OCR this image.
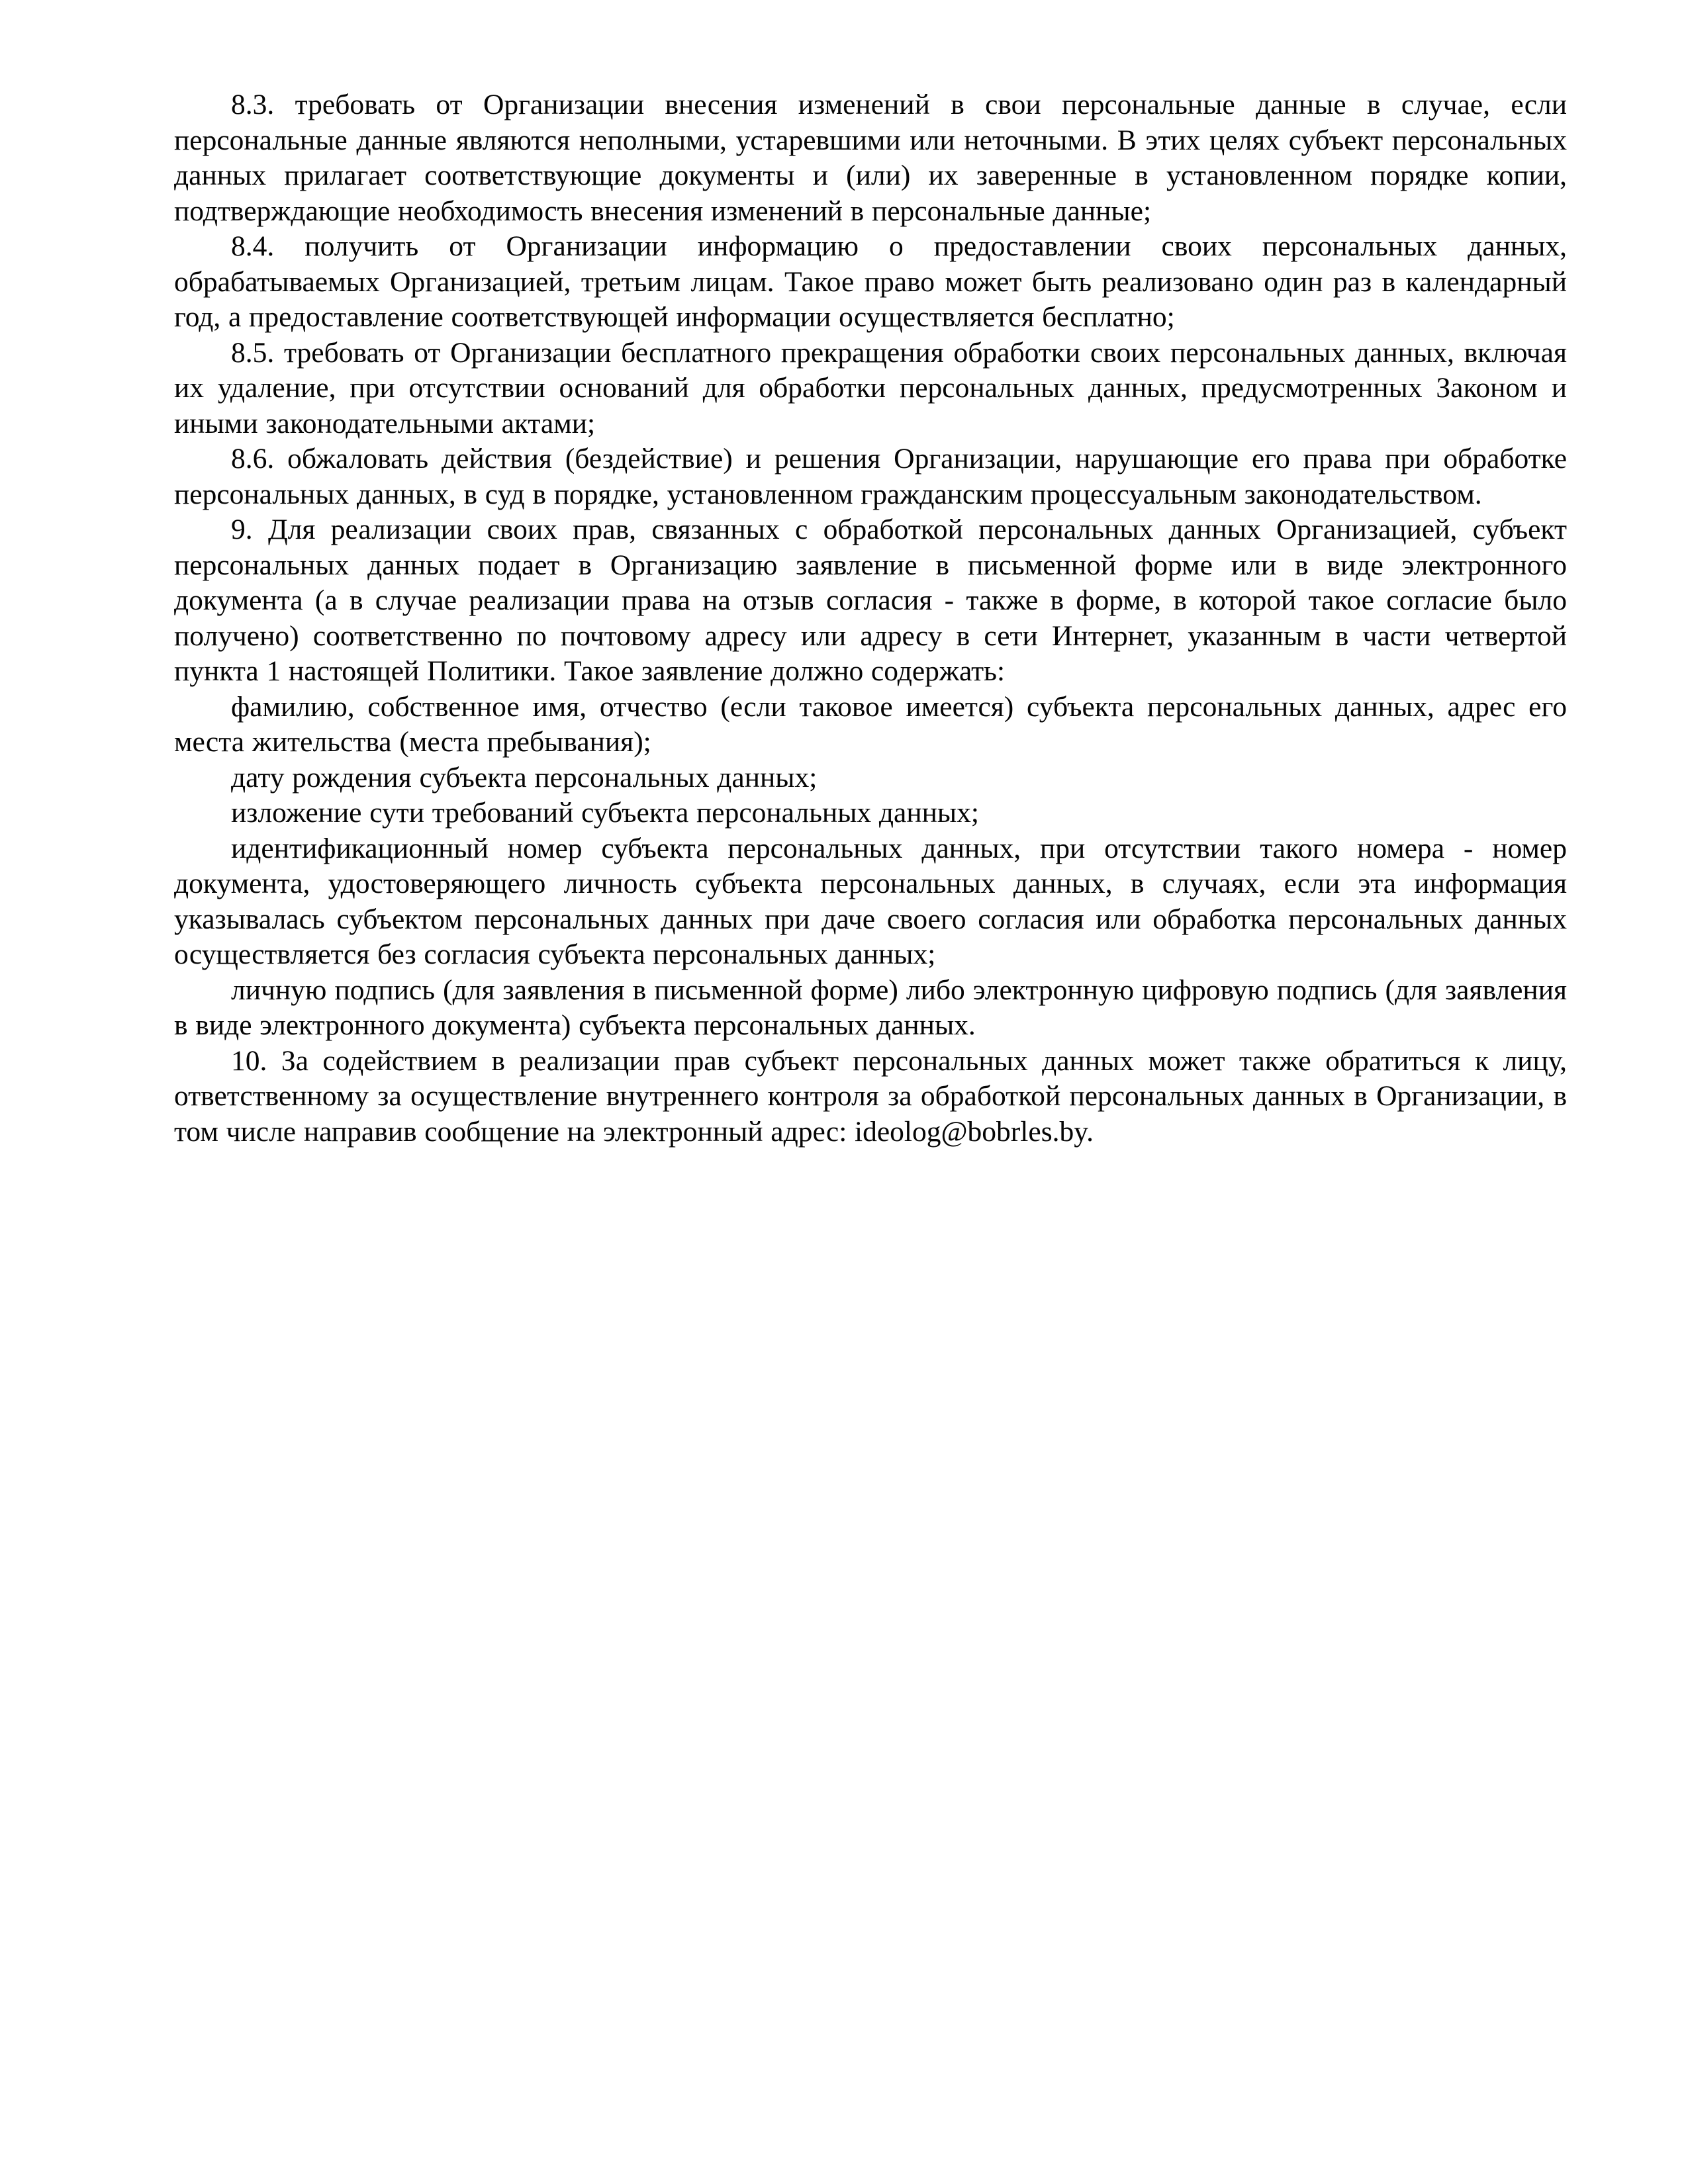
8.3. требовать от Организации внесения изменений в свои персональные данные в случае, если персональные данные являются неполными, устаревшими или неточными. В этих целях субъект персональных данных прилагает соответствующие документы и (или) их заверенные в установленном порядке копии, подтверждающие необходимость внесения изменений в персональные данные;

8.4. получить от Организации информацию о предоставлении своих персональных данных, обрабатываемых Организацией, третьим лицам. Такое право может быть реализовано один раз в календарный год, а предоставление соответствующей информации осуществляется бесплатно;

8.5. требовать от Организации бесплатного прекращения обработки своих персональных данных, включая их удаление, при отсутствии оснований для обработки персональных данных, предусмотренных Законом и иными законодательными актами;

8.6. обжаловать действия (бездействие) и решения Организации, нарушающие его права при обработке персональных данных, в суд в порядке, установленном гражданским процессуальным законодательством.

9. Для реализации своих прав, связанных с обработкой персональных данных Организацией, субъект персональных данных подает в Организацию заявление в письменной форме или в виде электронного документа (а в случае реализации права на отзыв согласия - также в форме, в которой такое согласие было получено) соответственно по почтовому адресу или адресу в сети Интернет, указанным в части четвертой пункта 1 настоящей Политики. Такое заявление должно содержать:

фамилию, собственное имя, отчество (если таковое имеется) субъекта персональных данных, адрес его места жительства (места пребывания);

дату рождения субъекта персональных данных;

изложение сути требований субъекта персональных данных;

идентификационный номер субъекта персональных данных, при отсутствии такого номера - номер документа, удостоверяющего личность субъекта персональных данных, в случаях, если эта информация указывалась субъектом персональных данных при даче своего согласия или обработка персональных данных осуществляется без согласия субъекта персональных данных;

личную подпись (для заявления в письменной форме) либо электронную цифровую подпись (для заявления в виде электронного документа) субъекта персональных данных.

10. За содействием в реализации прав субъект персональных данных может также обратиться к лицу, ответственному за осуществление внутреннего контроля за обработкой персональных данных в Организации, в том числе направив сообщение на электронный адрес: ideolog@bobrles.by.
